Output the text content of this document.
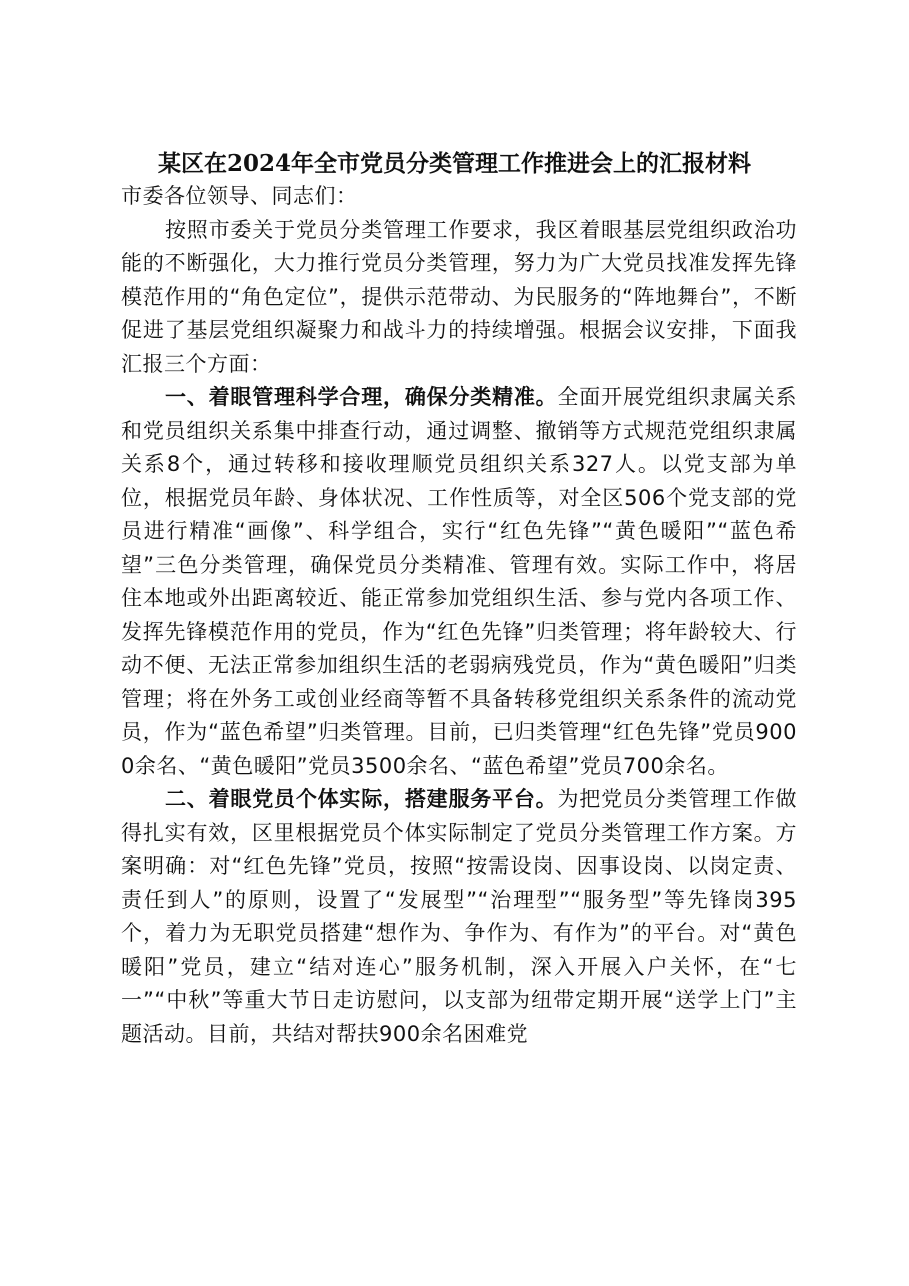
某区在2024年全市党员分类管理工作推进会上的汇报材料

市委各位领导、同志们：

按照市委关于党员分类管理工作要求，我区着眼基层党组织政治功能的不断强化，大力推行党员分类管理，努力为广大党员找准发挥先锋模范作用的“角色定位”，提供示范带动、为民服务的“阵地舞台”，不断促进了基层党组织凝聚力和战斗力的持续增强。根据会议安排，下面我汇报三个方面：

一、着眼管理科学合理，确保分类精准。全面开展党组织隶属关系和党员组织关系集中排查行动，通过调整、撤销等方式规范党组织隶属关系8个，通过转移和接收理顺党员组织关系327人。以党支部为单位，根据党员年龄、身体状况、工作性质等，对全区506个党支部的党员进行精准“画像”、科学组合，实行“红色先锋”“黄色暖阳”“蓝色希望”三色分类管理，确保党员分类精准、管理有效。实际工作中，将居住本地或外出距离较近、能正常参加党组织生活、参与党内各项工作、发挥先锋模范作用的党员，作为“红色先锋”归类管理；将年龄较大、行动不便、无法正常参加组织生活的老弱病残党员，作为“黄色暖阳”归类管理；将在外务工或创业经商等暂不具备转移党组织关系条件的流动党员，作为“蓝色希望”归类管理。目前，已归类管理“红色先锋”党员9000余名、“黄色暖阳”党员3500余名、“蓝色希望”党员700余名。

二、着眼党员个体实际，搭建服务平台。为把党员分类管理工作做得扎实有效，区里根据党员个体实际制定了党员分类管理工作方案。方案明确：对“红色先锋”党员，按照“按需设岗、因事设岗、以岗定责、责任到人”的原则，设置了“发展型”“治理型”“服务型”等先锋岗395个，着力为无职党员搭建“想作为、争作为、有作为”的平台。对“黄色暖阳”党员，建立“结对连心”服务机制，深入开展入户关怀，在“七一”“中秋”等重大节日走访慰问，以支部为纽带定期开展“送学上门”主题活动。目前，共结对帮扶900余名困难党
